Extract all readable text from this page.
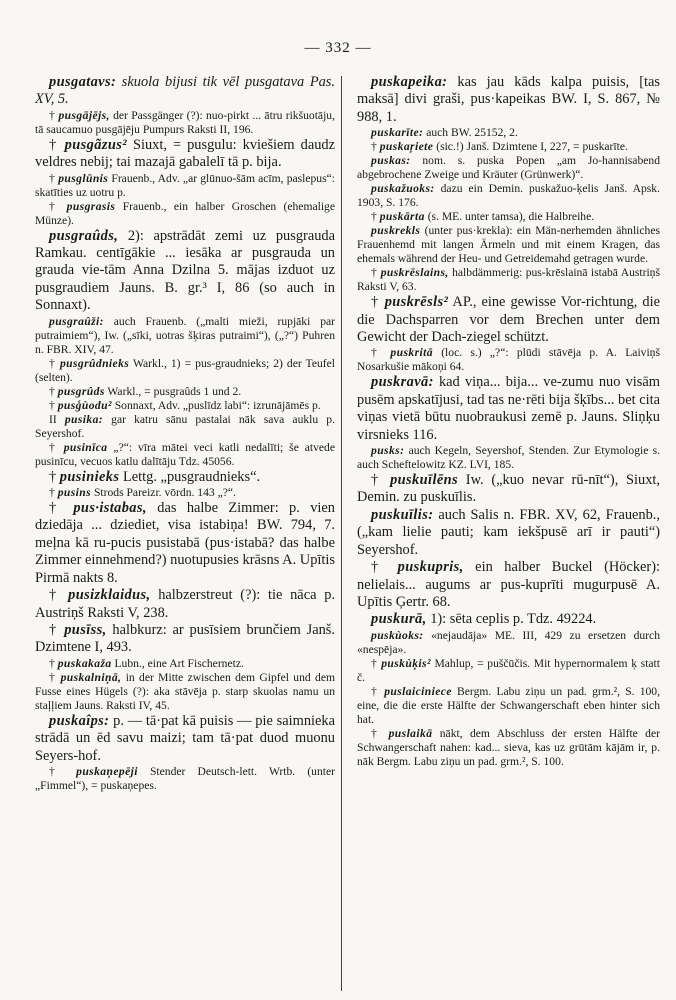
— 332 —

pusgatavs: skuola bijusi tik vēl pusgatava Pas. XV, 5.

† pusgājējs, der Passgänger (?): nuo-pirkt ... ātru rikšuotāju, tā saucamuo pusgājēju Pumpurs Raksti II, 196.

† pusgãzus² Siuxt, = pusgulu: kviešiem daudz veldres nebij; tai mazajā gabalelī tā p. bija.

† pusglūnis Frauenb., Adv. „ar glūnuo-šām acīm, paslepus“: skatīties uz uotru p.

† pusgrasis Frauenb., ein halber Groschen (ehemalige Münze).

pusgraûds, 2): apstrādāt zemi uz pusgrauda Ramkau. centīgākie ... iesāka ar pusgrauda un grauda vie-tām Anna Dzilna 5. mājas izduot uz pusgraudiem Jauns. B. gr.³ I, 86 (so auch in Sonnaxt).

pusgraûži: auch Frauenb. („malti mieži, rupjāki par putraimiem“), Iw. („sīki, uotras šķiras putraimi“), („?“) Puhren n. FBR. XIV, 47.

† pusgrûdnieks Warkl., 1) = pus-graudnieks; 2) der Teufel (selten).

† pusgrûds Warkl., = pusgraûds 1 und 2.

† pusģùodu² Sonnaxt, Adv. „puslīdz labi“: izrunājāmēs p.

II pusika: gar katru sānu pastalai nāk sava auklu p. Seyershof.

† pusinīca „?“: vīra mātei veci katli nedalīti; še atvede pusinīcu, vecuos katlu dalītāju Tdz. 45056.

† pusinieks Lettg. „pusgraudnieks“.

† pusins Strods Pareizr. vōrdn. 143 „?“.

† pus·istabas, das halbe Zimmer: p. vien dziedāja ... dziediet, visa istabiņa! BW. 794, 7. meļna kā ru-pucis pusistabā (pus·istabā? das halbe Zimmer einnehmend?) nuotupusies krāsns A. Upītis Pirmā nakts 8.

† pusizklaidus, halbzerstreut (?): tie nāca p. Austriņš Raksti V, 238.

† pusīss, halbkurz: ar pusīsiem brunčiem Janš. Dzimtene I, 493.

† puskakaža Lubn., eine Art Fischernetz.

† puskalniņā, in der Mitte zwischen dem Gipfel und dem Fusse eines Hügels (?): aka stāvēja p. starp skuolas namu un staļļiem Jauns. Raksti IV, 45.

puskaîps: p. — tā·pat kā puisis — pie saimnieka strādā un ēd savu maizi; tam tā·pat duod muonu Seyers-hof.

† puskaņepēji Stender Deutsch-lett. Wrtb. (unter „Fimmel“), = puskaņepes.

puskapeika: kas jau kāds kalpa puisis, [tas maksā] divi graši, pus·kapeikas BW. I, S. 867, № 988, 1.

puskarīte: auch BW. 25152, 2.

† puskaŗiete (sic.!) Janš. Dzimtene I, 227, = puskarīte.

puskas: nom. s. puska Popen „am Jo-hannisabend abgebrochene Zweige und Kräuter (Grünwerk)“.

puskažuoks: dazu ein Demin. puskažuo-ķelis Janš. Apsk. 1903, S. 176.

† puskārta (s. ME. unter tamsa), die Halbreihe.

puskrekls (unter pus·krekla): ein Män-nerhemden ähnliches Frauenhemd mit langen Ärmeln und mit einem Kragen, das ehemals während der Heu- und Getreidemahd getragen wurde.

† puskrēslains, halbdämmerig: pus-krēslainā istabā Austriņš Raksti V, 63.

† puskrēsls² AP., eine gewisse Vor-richtung, die die Dachsparren vor dem Brechen unter dem Gewicht der Dach-ziegel schützt.

† puskritā (loc. s.) „?“: plūdi stāvēja p. A. Laiviņš Nosarkušie mākoņi 64.

puskravā: kad viņa... bija... ve-zumu nuo visām pusēm apskatījusi, tad tas ne·rēti bija šķībs... bet cita viņas vietā būtu nuobraukusi zemē p. Jauns. Sliņķu virsnieks 116.

pusks: auch Kegeln, Seyershof, Stenden. Zur Etymologie s. auch Scheftelowitz KZ. LVI, 185.

† puskuīlēns Iw. („kuo nevar rū-nīt“), Siuxt, Demin. zu puskuīlis.

puskuīlis: auch Salis n. FBR. XV, 62, Frauenb., („kam lielie pauti; kam iekšpusē arī ir pauti“) Seyershof.

† puskupris, ein halber Buckel (Höcker): nelielais... augums ar pus-kuprīti mugurpusē A. Upītis Ģertr. 68.

puskurā, 1): sēta ceplis p. Tdz. 49224.

puskùoks: «nejaudāja» ME. III, 429 zu ersetzen durch «nespēja».

† puskùķis² Mahlup, = puščūčis. Mit hypernormalem ķ statt č.

† puslaiciniece Bergm. Labu ziņu un pad. grm.², S. 100, eine, die die erste Hälfte der Schwangerschaft eben hinter sich hat.

† puslaikā nākt, dem Abschluss der ersten Hälfte der Schwangerschaft nahen: kad... sieva, kas uz grūtām kājām ir, p. nāk Bergm. Labu ziņu un pad. grm.², S. 100.
